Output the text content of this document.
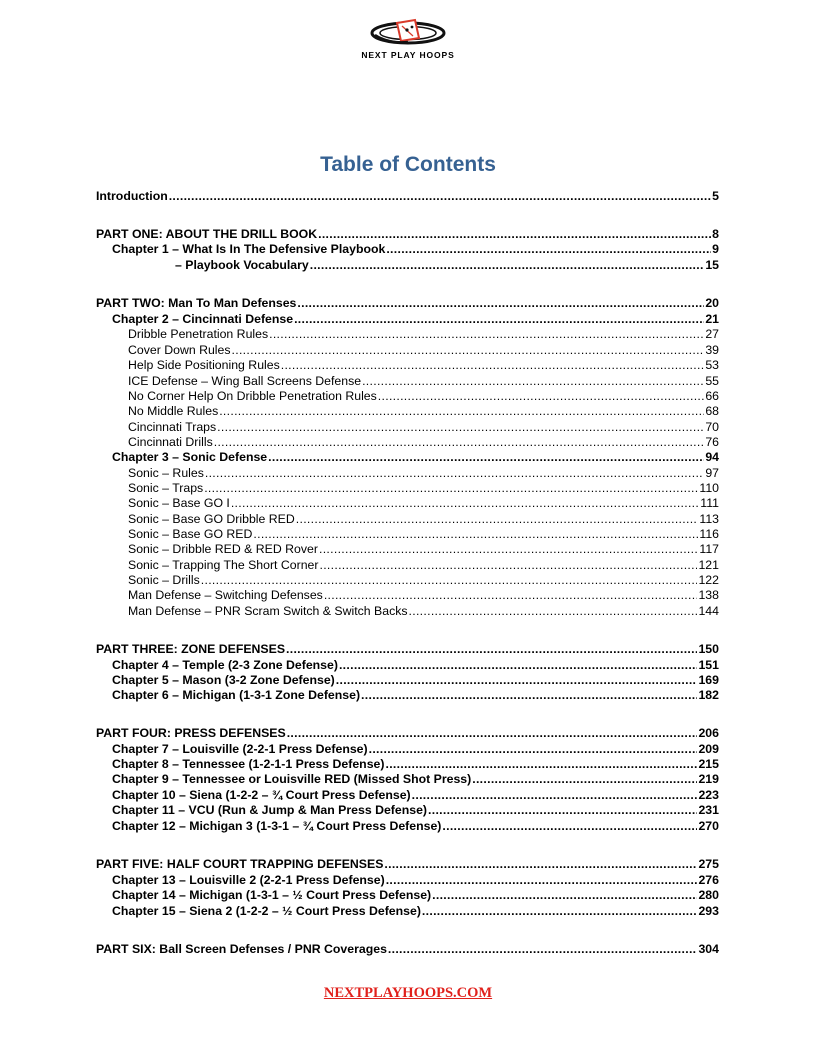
NEXT PLAY HOOPS
Table of Contents
Introduction .....	5
PART ONE: ABOUT THE DRILL BOOK .....	8
Chapter 1 – What Is In The Defensive Playbook .....	9
– Playbook Vocabulary .....	15
PART TWO: Man To Man Defenses .....	20
Chapter 2 – Cincinnati Defense .....	21
Dribble Penetration Rules .....	27
Cover Down Rules .....	39
Help Side Positioning Rules .....	53
ICE Defense – Wing Ball Screens Defense .....	55
No Corner Help On Dribble Penetration Rules .....	66
No Middle Rules .....	68
Cincinnati Traps .....	70
Cincinnati Drills .....	76
Chapter 3 – Sonic Defense .....	94
Sonic – Rules .....	97
Sonic – Traps .....	110
Sonic – Base GO I .....	111
Sonic – Base GO Dribble RED .....	113
Sonic – Base GO RED .....	116
Sonic – Dribble RED & RED Rover .....	117
Sonic – Trapping The Short Corner .....	121
Sonic – Drills .....	122
Man Defense – Switching Defenses .....	138
Man Defense – PNR Scram Switch & Switch Backs .....	144
PART THREE: ZONE DEFENSES .....	150
Chapter 4 – Temple (2-3 Zone Defense) .....	151
Chapter 5 – Mason (3-2 Zone Defense) .....	169
Chapter 6 – Michigan (1-3-1 Zone Defense) .....	182
PART FOUR: PRESS DEFENSES .....	206
Chapter 7 – Louisville (2-2-1 Press Defense) .....	209
Chapter 8 – Tennessee (1-2-1-1 Press Defense) .....	215
Chapter 9 – Tennessee or Louisville RED (Missed Shot Press) .....	219
Chapter 10 – Siena (1-2-2 – ¾ Court Press Defense) .....	223
Chapter 11 – VCU (Run & Jump & Man Press Defense) .....	231
Chapter 12 – Michigan 3 (1-3-1 – ¾ Court Press Defense) .....	270
PART FIVE: HALF COURT TRAPPING DEFENSES .....	275
Chapter 13 – Louisville 2 (2-2-1 Press Defense) .....	276
Chapter 14 – Michigan (1-3-1 – ½ Court Press Defense) .....	280
Chapter 15 – Siena 2 (1-2-2 – ½ Court Press Defense) .....	293
PART SIX: Ball Screen Defenses / PNR Coverages .....	304
NEXTPLAYHOOPS.COM
